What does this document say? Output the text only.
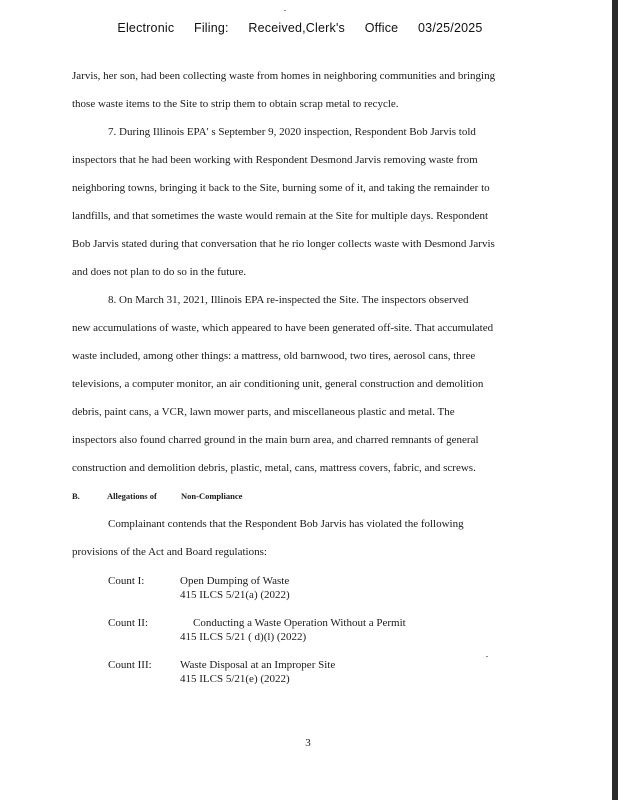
Electronic Filing: Received,Clerk's Office 03/25/2025
Jarvis, her son, had been collecting waste from homes in neighboring communities and bringing
those waste items to the Site to strip them to obtain scrap metal to recycle.
7. During Illinois EPA' s September 9, 2020 inspection, Respondent Bob Jarvis told
inspectors that he had been working with Respondent Desmond Jarvis removing waste from
neighboring towns, bringing it back to the Site, burning some of it, and taking the remainder to
landfills, and that sometimes the waste would remain at the Site for multiple days. Respondent
Bob Jarvis stated during that conversation that he rio longer collects waste with Desmond Jarvis
and does not plan to do so in the future.
8. On March 31, 2021, Illinois EPA re-inspected the Site. The inspectors observed
new accumulations of waste, which appeared to have been generated off-site. That accumulated
waste included, among other things: a mattress, old barnwood, two tires, aerosol cans, three
televisions, a computer monitor, an air conditioning unit, general construction and demolition
debris, paint cans, a VCR, lawn mower parts, and miscellaneous plastic and metal. The
inspectors also found charred ground in the main burn area, and charred remnants of general
construction and demolition debris, plastic, metal, cans, mattress covers, fabric, and screws.
B.	Allegations of	Non-Compliance
Complainant contends that the Respondent Bob Jarvis has violated the following
provisions of the Act and Board regulations:
Count I:	Open Dumping of Waste
415 ILCS 5/21(a) (2022)
Count II:	Conducting a Waste Operation Without a Permit
415 ILCS 5/21 ( d)(l) (2022)
Count III:	Waste Disposal at an Improper Site
415 ILCS 5/21(e) (2022)
3
